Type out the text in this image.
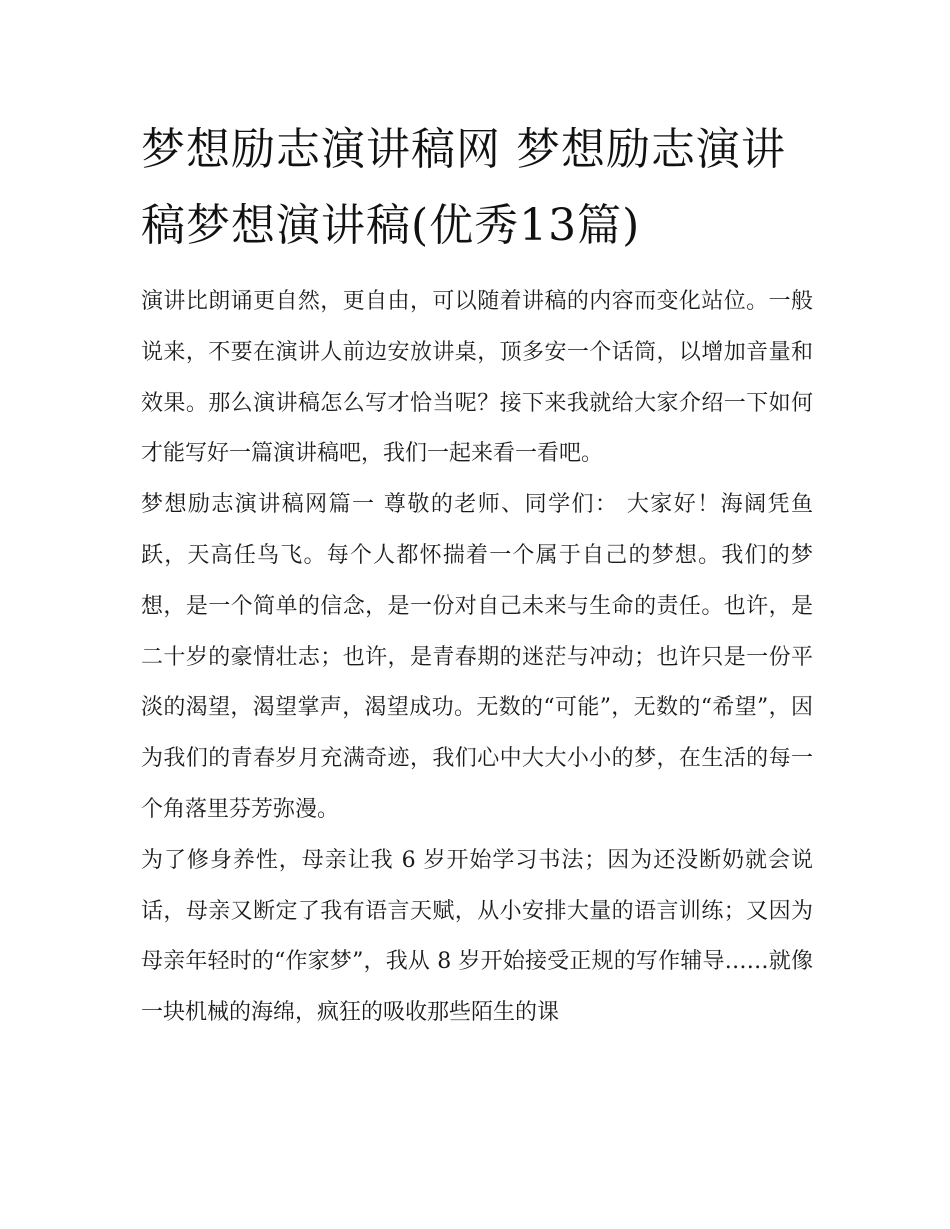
梦想励志演讲稿网 梦想励志演讲稿梦想演讲稿(优秀13篇)

演讲比朗诵更自然，更自由，可以随着讲稿的内容而变化站位。一般说来，不要在演讲人前边安放讲桌，顶多安一个话筒，以增加音量和效果。那么演讲稿怎么写才恰当呢？接下来我就给大家介绍一下如何才能写好一篇演讲稿吧，我们一起来看一看吧。

梦想励志演讲稿网篇一 尊敬的老师、同学们： 大家好！海阔凭鱼跃，天高任鸟飞。每个人都怀揣着一个属于自己的梦想。我们的梦想，是一个简单的信念，是一份对自己未来与生命的责任。也许，是二十岁的豪情壮志；也许，是青春期的迷茫与冲动；也许只是一份平淡的渴望，渴望掌声，渴望成功。无数的“可能”，无数的“希望”，因为我们的青春岁月充满奇迹，我们心中大大小小的梦，在生活的每一个角落里芬芳弥漫。

为了修身养性，母亲让我 6 岁开始学习书法；因为还没断奶就会说话，母亲又断定了我有语言天赋，从小安排大量的语言训练；又因为母亲年轻时的“作家梦”，我从 8 岁开始接受正规的写作辅导……就像一块机械的海绵，疯狂的吸收那些陌生的课
